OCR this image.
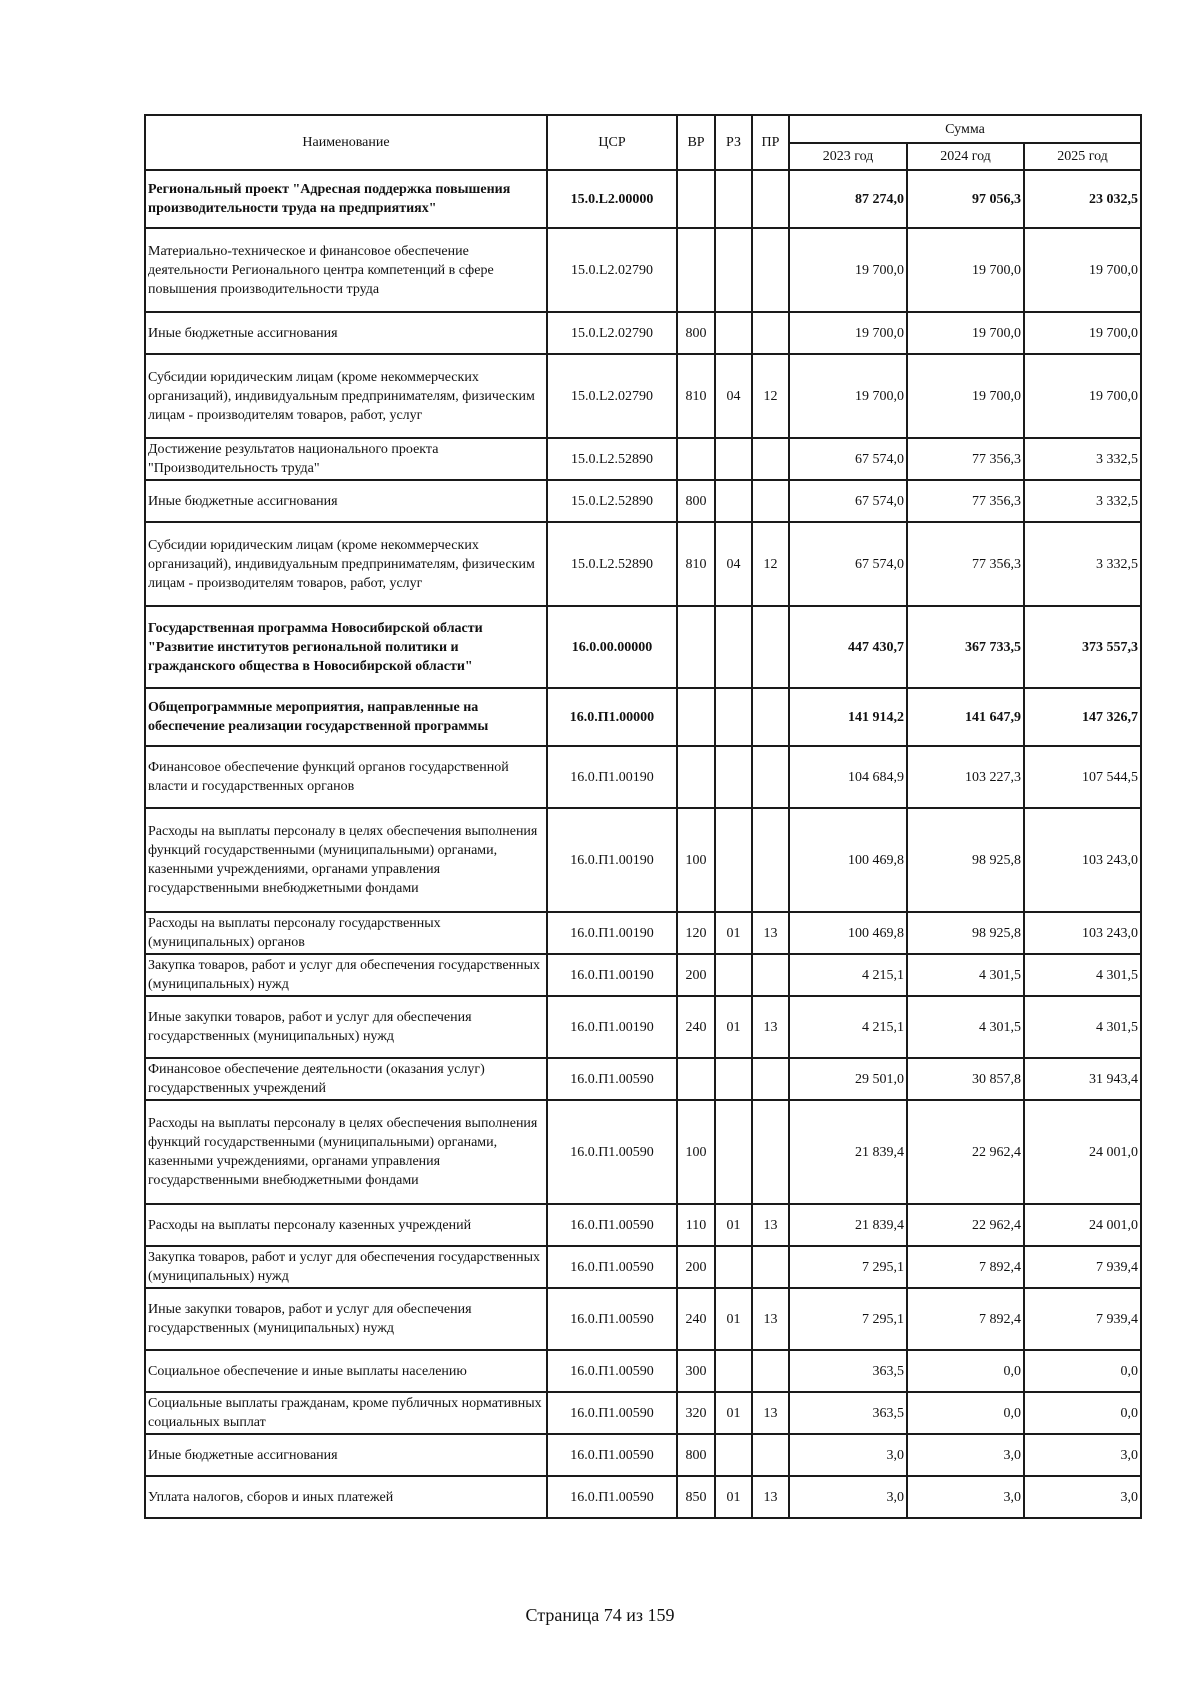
Наименование	ЦСР	ВР	РЗ	ПР	Сумма		
					2023 год	2024 год	2025 год
Региональный проект "Адресная поддержка повышения производительности труда на предприятиях"	15.0.L2.00000				87 274,0	97 056,3	23 032,5
Материально-техническое и финансовое обеспечение деятельности Регионального центра компетенций в сфере повышения производительности труда	15.0.L2.02790				19 700,0	19 700,0	19 700,0
Иные бюджетные ассигнования	15.0.L2.02790	800			19 700,0	19 700,0	19 700,0
Субсидии юридическим лицам (кроме некоммерческих организаций), индивидуальным предпринимателям, физическим лицам - производителям товаров, работ, услуг	15.0.L2.02790	810	04	12	19 700,0	19 700,0	19 700,0
Достижение результатов национального проекта "Производительность труда"	15.0.L2.52890				67 574,0	77 356,3	3 332,5
Иные бюджетные ассигнования	15.0.L2.52890	800			67 574,0	77 356,3	3 332,5
Субсидии юридическим лицам (кроме некоммерческих организаций), индивидуальным предпринимателям, физическим лицам - производителям товаров, работ, услуг	15.0.L2.52890	810	04	12	67 574,0	77 356,3	3 332,5
Государственная программа Новосибирской области "Развитие институтов региональной политики и гражданского общества в Новосибирской области"	16.0.00.00000				447 430,7	367 733,5	373 557,3
Общепрограммные мероприятия, направленные на обеспечение реализации государственной программы	16.0.П1.00000				141 914,2	141 647,9	147 326,7
Финансовое обеспечение функций органов государственной власти и государственных органов	16.0.П1.00190				104 684,9	103 227,3	107 544,5
Расходы на выплаты персоналу в целях обеспечения выполнения функций государственными (муниципальными) органами, казенными учреждениями, органами управления государственными внебюджетными фондами	16.0.П1.00190	100			100 469,8	98 925,8	103 243,0
Расходы на выплаты персоналу государственных (муниципальных) органов	16.0.П1.00190	120	01	13	100 469,8	98 925,8	103 243,0
Закупка товаров, работ и услуг для обеспечения государственных (муниципальных) нужд	16.0.П1.00190	200			4 215,1	4 301,5	4 301,5
Иные закупки товаров, работ и услуг для обеспечения государственных (муниципальных) нужд	16.0.П1.00190	240	01	13	4 215,1	4 301,5	4 301,5
Финансовое обеспечение деятельности (оказания услуг) государственных учреждений	16.0.П1.00590				29 501,0	30 857,8	31 943,4
Расходы на выплаты персоналу в целях обеспечения выполнения функций государственными (муниципальными) органами, казенными учреждениями, органами управления государственными внебюджетными фондами	16.0.П1.00590	100			21 839,4	22 962,4	24 001,0
Расходы на выплаты персоналу казенных учреждений	16.0.П1.00590	110	01	13	21 839,4	22 962,4	24 001,0
Закупка товаров, работ и услуг для обеспечения государственных (муниципальных) нужд	16.0.П1.00590	200			7 295,1	7 892,4	7 939,4
Иные закупки товаров, работ и услуг для обеспечения государственных (муниципальных) нужд	16.0.П1.00590	240	01	13	7 295,1	7 892,4	7 939,4
Социальное обеспечение и иные выплаты населению	16.0.П1.00590	300			363,5	0,0	0,0
Социальные выплаты гражданам, кроме публичных нормативных социальных выплат	16.0.П1.00590	320	01	13	363,5	0,0	0,0
Иные бюджетные ассигнования	16.0.П1.00590	800			3,0	3,0	3,0
Уплата налогов, сборов и иных платежей	16.0.П1.00590	850	01	13	3,0	3,0	3,0
Страница 74 из 159
